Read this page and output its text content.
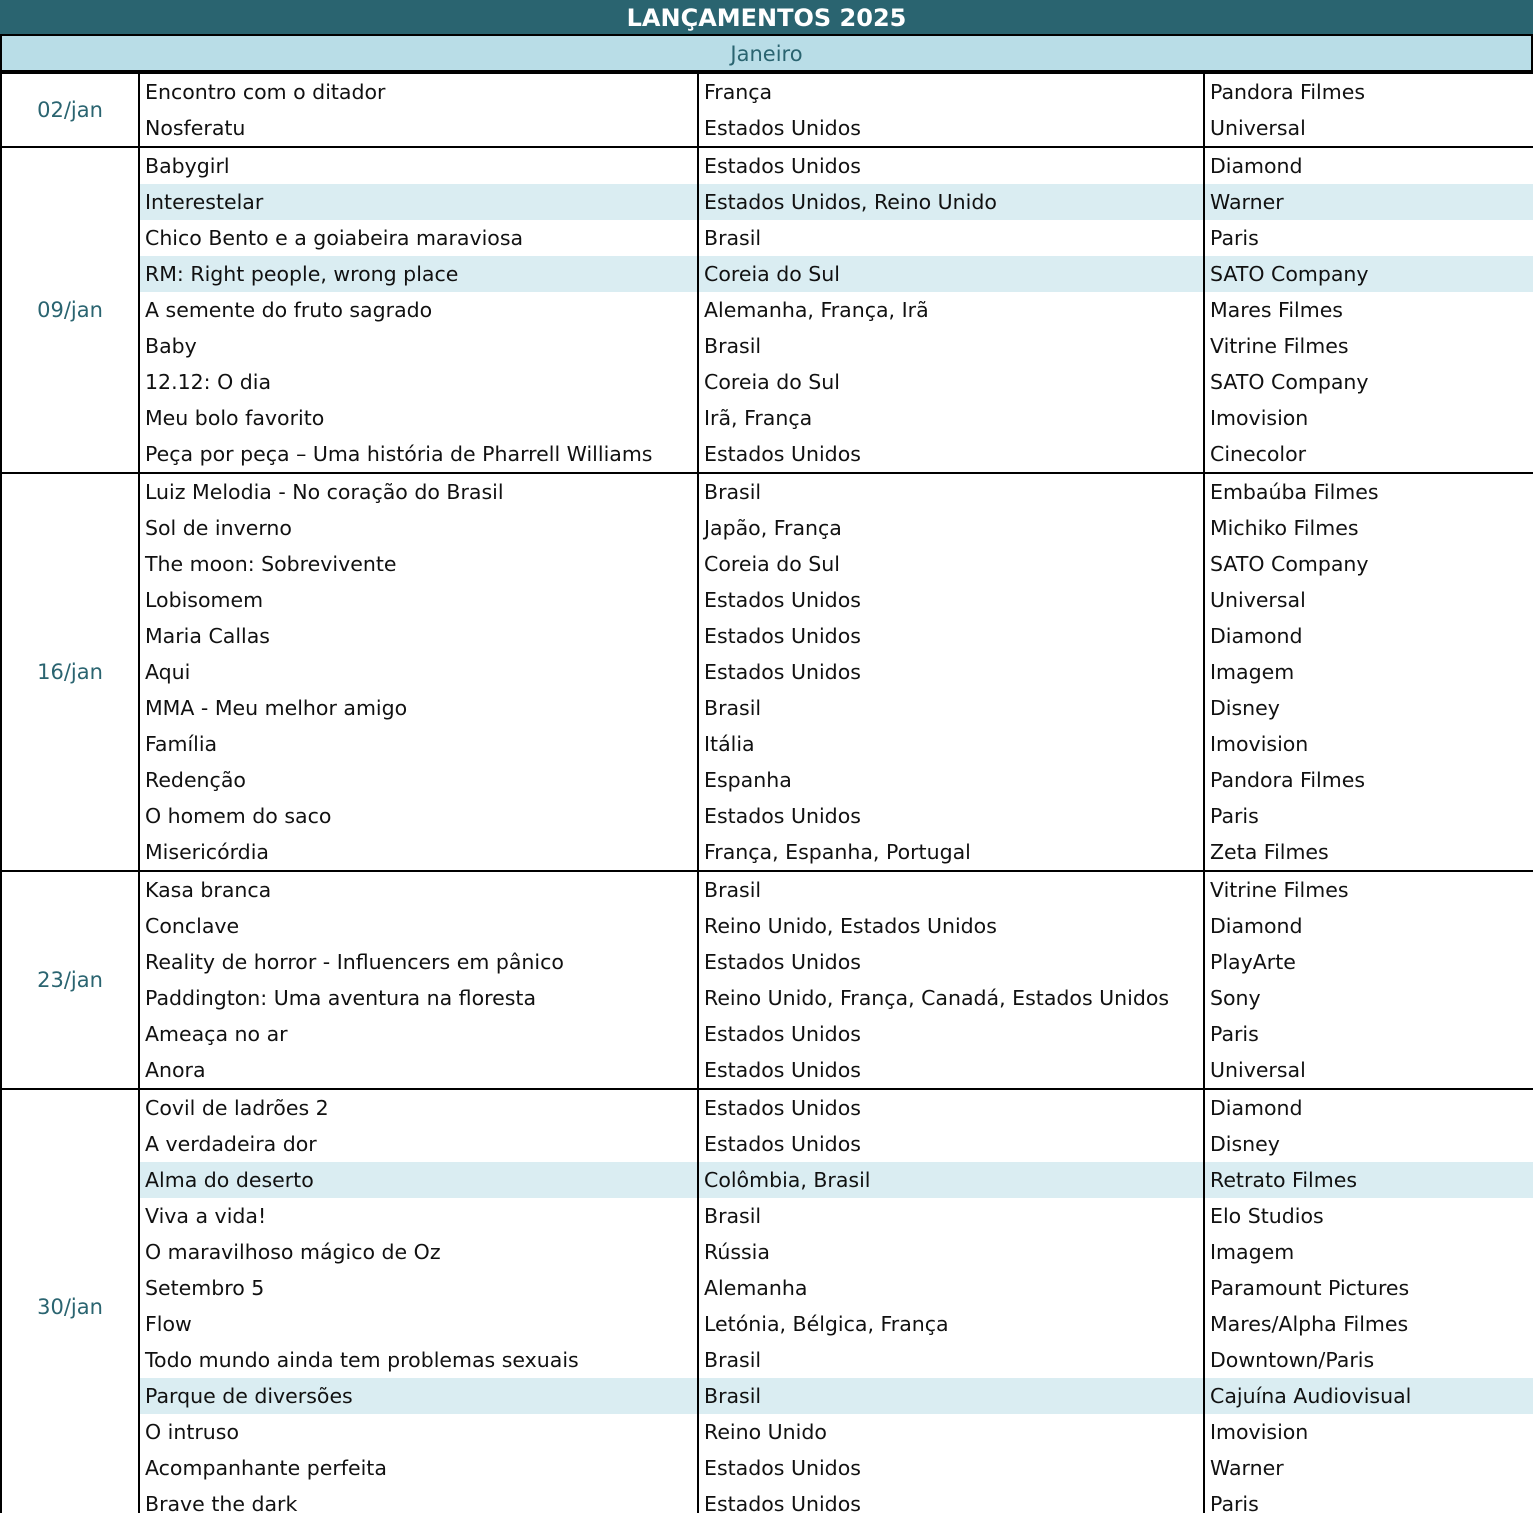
LANÇAMENTOS 2025
Janeiro
02/jan	Encontro com o ditador	França	Pandora Filmes
	Nosferatu	Estados Unidos	Universal
09/jan	Babygirl	Estados Unidos	Diamond
	Interestelar	Estados Unidos, Reino Unido	Warner
	Chico Bento e a goiabeira maraviosa	Brasil	Paris
	RM: Right people, wrong place	Coreia do Sul	SATO Company
	A semente do fruto sagrado	Alemanha, França, Irã	Mares Filmes
	Baby	Brasil	Vitrine Filmes
	12.12: O dia	Coreia do Sul	SATO Company
	Meu bolo favorito	Irã, França	Imovision
	Peça por peça – Uma história de Pharrell Williams	Estados Unidos	Cinecolor
16/jan	Luiz Melodia - No coração do Brasil	Brasil	Embaúba Filmes
	Sol de inverno	Japão, França	Michiko Filmes
	The moon: Sobrevivente	Coreia do Sul	SATO Company
	Lobisomem	Estados Unidos	Universal
	Maria Callas	Estados Unidos	Diamond
	Aqui	Estados Unidos	Imagem
	MMA - Meu melhor amigo	Brasil	Disney
	Família	Itália	Imovision
	Redenção	Espanha	Pandora Filmes
	O homem do saco	Estados Unidos	Paris
	Misericórdia	França, Espanha, Portugal	Zeta Filmes
23/jan	Kasa branca	Brasil	Vitrine Filmes
	Conclave	Reino Unido, Estados Unidos	Diamond
	Reality de horror - Influencers em pânico	Estados Unidos	PlayArte
	Paddington: Uma aventura na floresta	Reino Unido, França, Canadá, Estados Unidos	Sony
	Ameaça no ar	Estados Unidos	Paris
	Anora	Estados Unidos	Universal
30/jan	Covil de ladrões 2	Estados Unidos	Diamond
	A verdadeira dor	Estados Unidos	Disney
	Alma do deserto	Colômbia, Brasil	Retrato Filmes
	Viva a vida!	Brasil	Elo Studios
	O maravilhoso mágico de Oz	Rússia	Imagem
	Setembro 5	Alemanha	Paramount Pictures
	Flow	Letónia, Bélgica, França	Mares/Alpha Filmes
	Todo mundo ainda tem problemas sexuais	Brasil	Downtown/Paris
	Parque de diversões	Brasil	Cajuína Audiovisual
	O intruso	Reino Unido	Imovision
	Acompanhante perfeita	Estados Unidos	Warner
	Brave the dark	Estados Unidos	Paris
